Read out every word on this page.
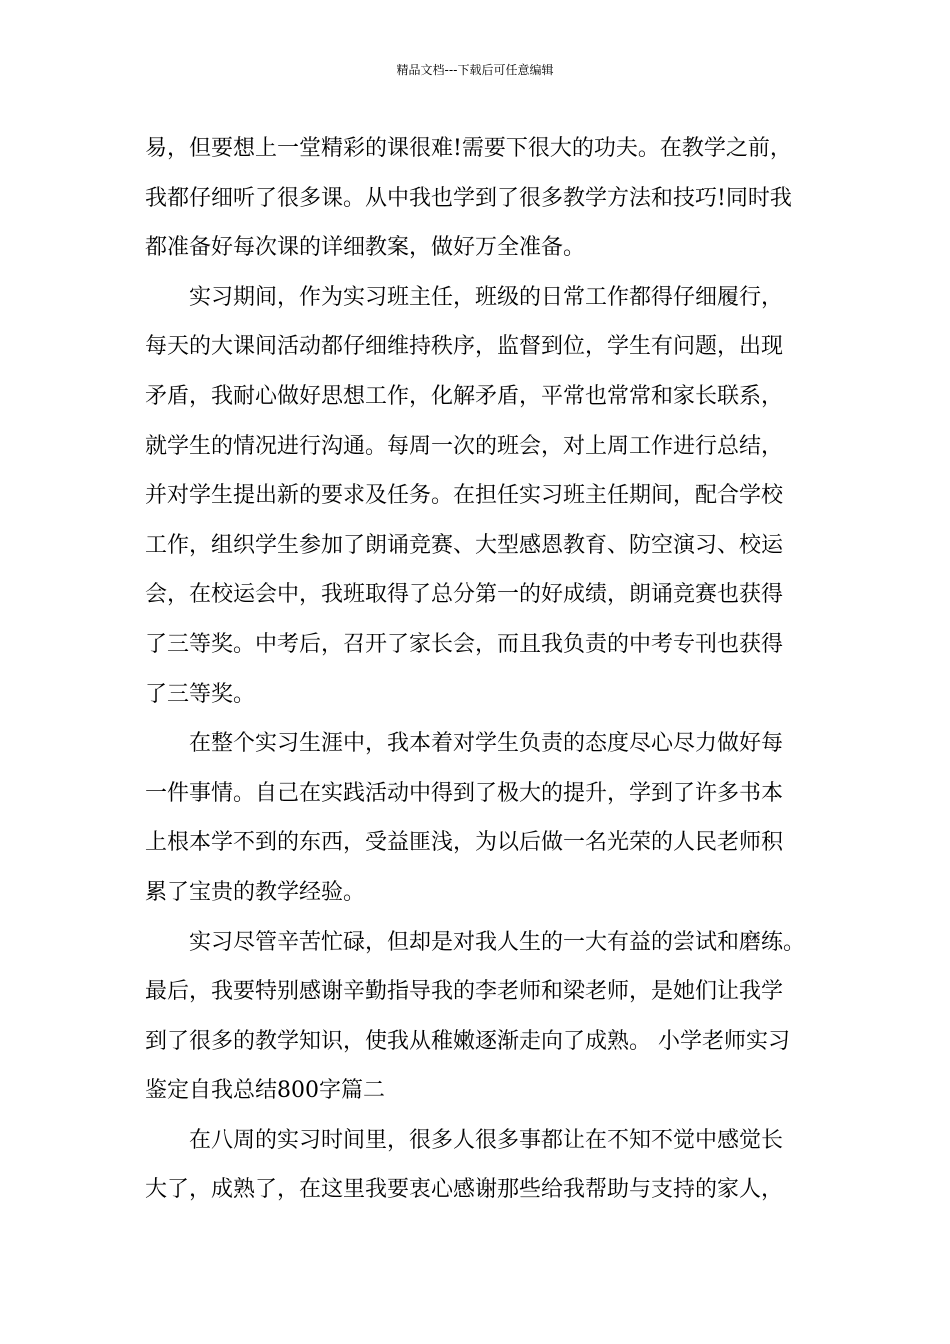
精品文档---下载后可任意编辑
易，但要想上一堂精彩的课很难!需要下很大的功夫。在教学之前，
我都仔细听了很多课。从中我也学到了很多教学方法和技巧!同时我
都准备好每次课的详细教案，做好万全准备。
实习期间，作为实习班主任，班级的日常工作都得仔细履行，
每天的大课间活动都仔细维持秩序，监督到位，学生有问题，出现
矛盾，我耐心做好思想工作，化解矛盾，平常也常常和家长联系，
就学生的情况进行沟通。每周一次的班会，对上周工作进行总结，
并对学生提出新的要求及任务。在担任实习班主任期间，配合学校
工作，组织学生参加了朗诵竞赛、大型感恩教育、防空演习、校运
会，在校运会中，我班取得了总分第一的好成绩，朗诵竞赛也获得
了三等奖。中考后，召开了家长会，而且我负责的中考专刊也获得
了三等奖。
在整个实习生涯中，我本着对学生负责的态度尽心尽力做好每
一件事情。自己在实践活动中得到了极大的提升，学到了许多书本
上根本学不到的东西，受益匪浅，为以后做一名光荣的人民老师积
累了宝贵的教学经验。
实习尽管辛苦忙碌，但却是对我人生的一大有益的尝试和磨练。
最后，我要特别感谢辛勤指导我的李老师和梁老师，是她们让我学
到了很多的教学知识，使我从稚嫩逐渐走向了成熟。 小学老师实习
鉴定自我总结800字篇二
在八周的实习时间里，很多人很多事都让在不知不觉中感觉长
大了，成熟了，在这里我要衷心感谢那些给我帮助与支持的家人，
